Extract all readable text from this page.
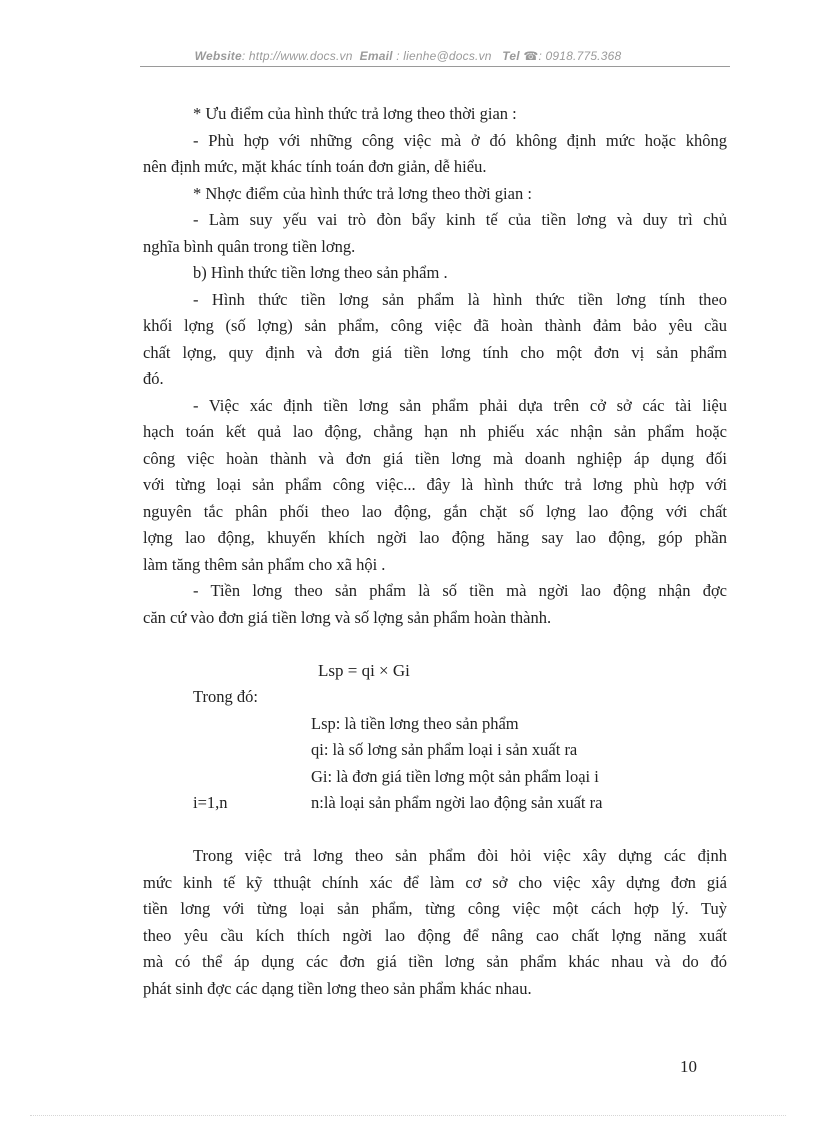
Website: http://www.docs.vn Email : lienhe@docs.vn Tel ☎: 0918.775.368
* Ưu điểm của hình thức trả lơng theo thời gian :
- Phù hợp với những công việc mà ở đó không định mức hoặc không
nên định mức, mặt khác tính toán đơn giản, dễ hiểu.
* Nhợc điểm của hình thức trả lơng theo thời gian :
- Làm suy yếu vai trò đòn bẩy kinh tế của tiền lơng và duy trì chủ
nghĩa bình quân trong tiền lơng.
b) Hình thức tiền lơng theo sản phẩm .
- Hình thức tiền lơng sản phẩm là hình thức tiền lơng tính theo
khối lợng (số lợng) sản phẩm, công việc đã hoàn thành đảm bảo yêu cầu
chất lợng, quy định và đơn giá tiền lơng tính cho một đơn vị sản phẩm
đó.
- Việc xác định tiền lơng sản phẩm phải dựa trên cở sở các tài liệu
hạch toán kết quả lao động, chẳng hạn nh phiếu xác nhận sản phẩm hoặc
công việc hoàn thành và đơn giá tiền lơng mà doanh nghiệp áp dụng đối
với từng loại sản phẩm công việc... đây là hình thức trả lơng phù hợp với
nguyên tắc phân phối theo lao động, gắn chặt số lợng lao động với chất
lợng lao động, khuyến khích ngời lao động hăng say lao động, góp phần
làm tăng thêm sản phẩm cho xã hội .
- Tiền lơng theo sản phẩm là số tiền mà ngời lao động nhận đợc
căn cứ vào đơn giá tiền lơng và số lợng sản phẩm hoàn thành.
Lsp = qi × Gi
Trong đó:
Lsp: là tiền lơng theo sản phẩm
qi: là số lơng sản phẩm loại i sản xuất ra
Gi: là đơn giá tiền lơng một sản phẩm loại i
i=1,n	n:là loại sản phẩm ngời lao động sản xuất ra
Trong việc trả lơng theo sản phẩm đòi hỏi việc xây dựng các định
mức kinh tế kỹ tthuật chính xác để làm cơ sở cho việc xây dựng đơn giá
tiền lơng với từng loại sản phẩm, từng công việc một cách hợp lý. Tuỳ
theo yêu cầu kích thích ngời lao động để nâng cao chất lợng năng xuất
mà có thể áp dụng các đơn giá tiền lơng sản phẩm khác nhau và do đó
phát sinh đợc các dạng tiền lơng theo sản phẩm khác nhau.
10
